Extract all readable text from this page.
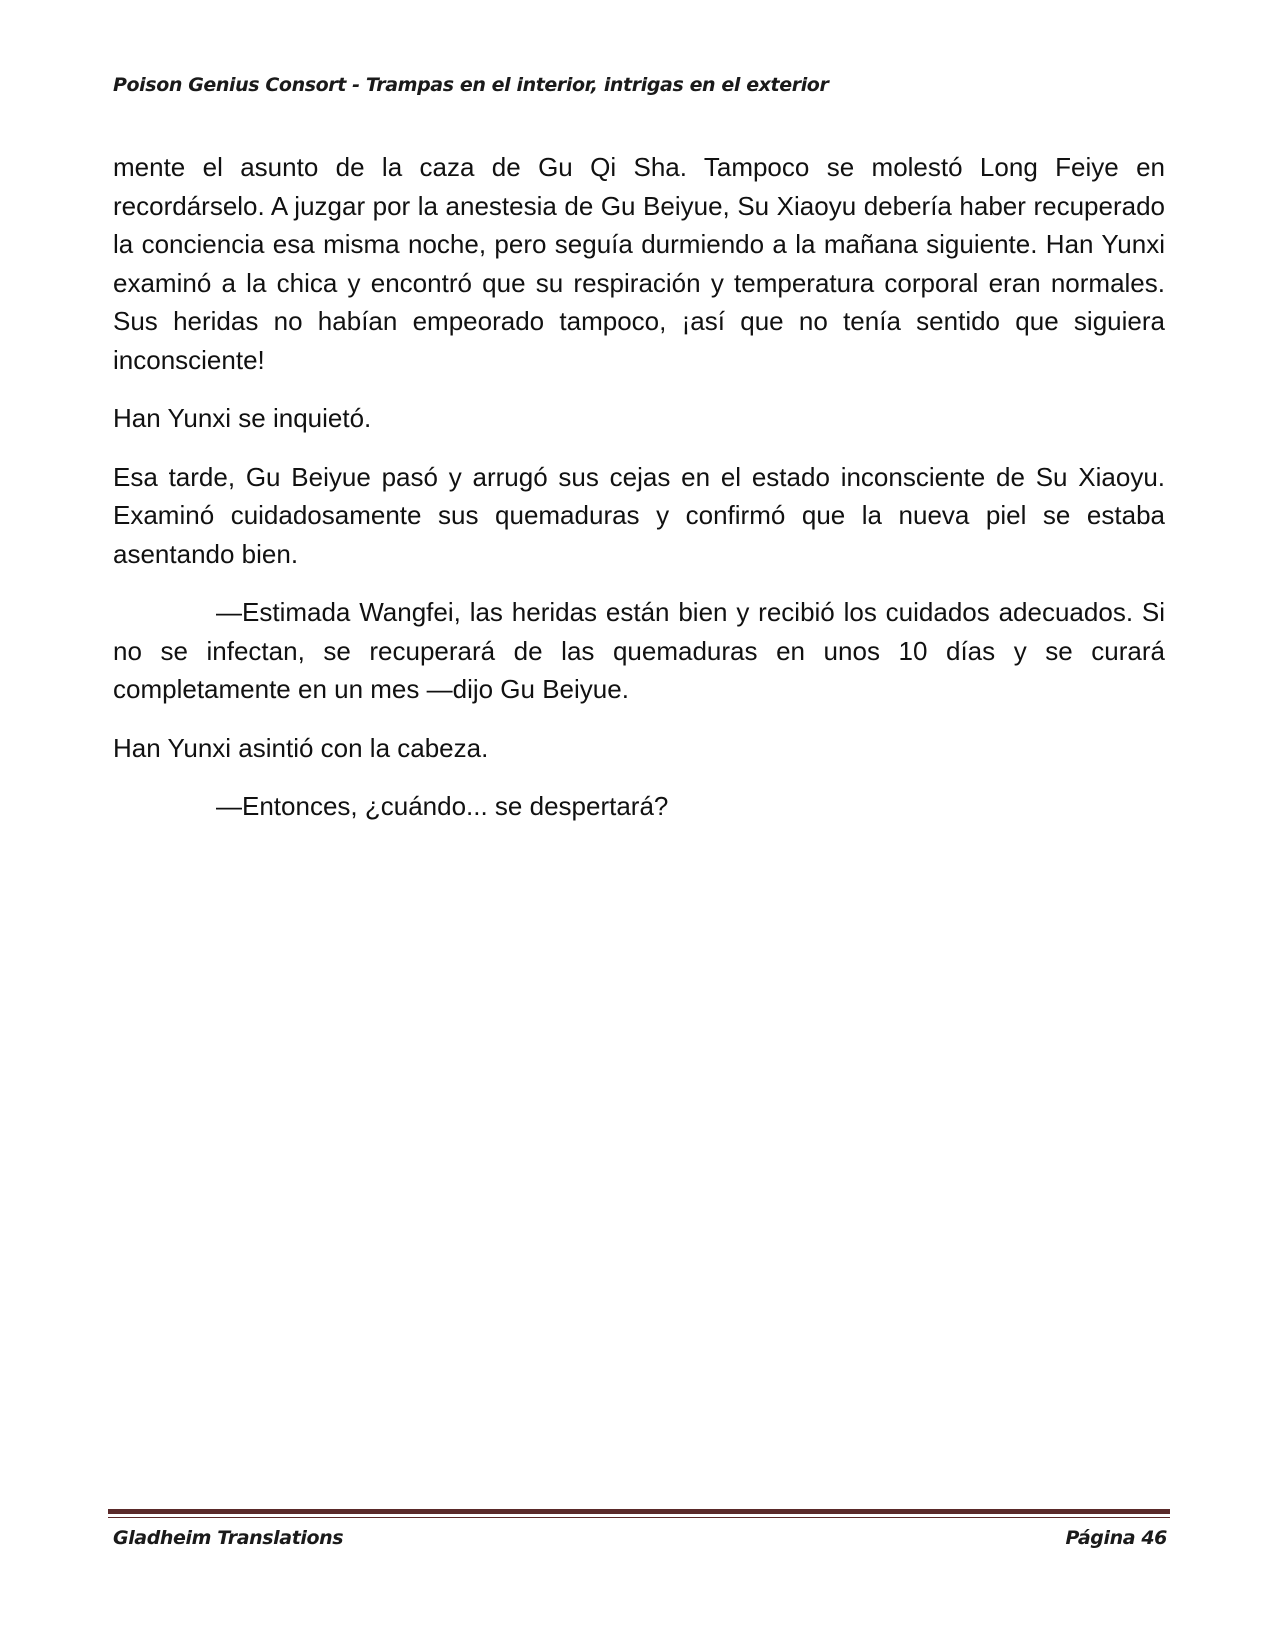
Poison Genius Consort - Trampas en el interior, intrigas en el exterior

mente el asunto de la caza de Gu Qi Sha. Tampoco se molestó Long Feiye en recordárselo. A juzgar por la anestesia de Gu Beiyue, Su Xiaoyu debería haber recuperado la conciencia esa misma noche, pero seguía durmiendo a la mañana siguiente. Han Yunxi examinó a la chica y encontró que su respiración y temperatura corporal eran normales. Sus heridas no habían empeorado tampoco, ¡así que no tenía sentido que siguiera inconsciente!

Han Yunxi se inquietó.

Esa tarde, Gu Beiyue pasó y arrugó sus cejas en el estado inconsciente de Su Xiaoyu. Examinó cuidadosamente sus quemaduras y confirmó que la nueva piel se estaba asentando bien.

—Estimada Wangfei, las heridas están bien y recibió los cuidados adecuados. Si no se infectan, se recuperará de las quemaduras en unos 10 días y se curará completamente en un mes —dijo Gu Beiyue.

Han Yunxi asintió con la cabeza.

—Entonces, ¿cuándo... se despertará?

Gladheim Translations	Página 46
